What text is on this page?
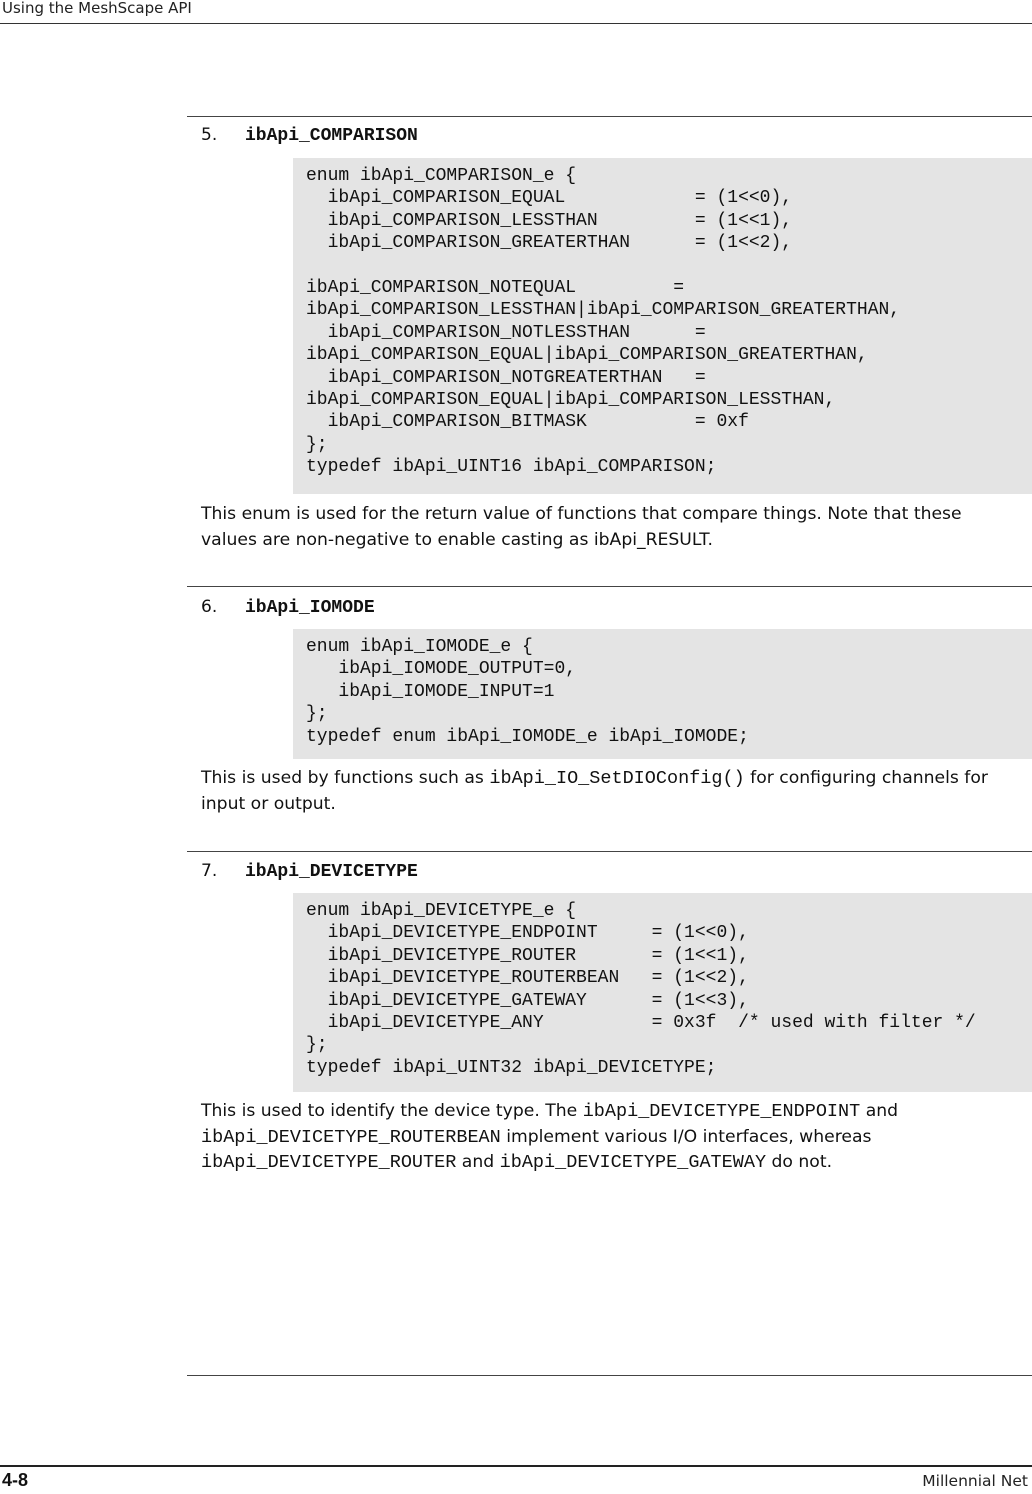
Using the MeshScape API
5. ibApi_COMPARISON
enum ibApi_COMPARISON_e {
ibApi_COMPARISON_EQUAL            = (1<<0),
ibApi_COMPARISON_LESSTHAN         = (1<<1),
ibApi_COMPARISON_GREATERTHAN      = (1<<2),

ibApi_COMPARISON_NOTEQUAL         =
ibApi_COMPARISON_LESSTHAN|ibApi_COMPARISON_GREATERTHAN,
ibApi_COMPARISON_NOTLESSTHAN      =
ibApi_COMPARISON_EQUAL|ibApi_COMPARISON_GREATERTHAN,
ibApi_COMPARISON_NOTGREATERTHAN   =
ibApi_COMPARISON_EQUAL|ibApi_COMPARISON_LESSTHAN,
ibApi_COMPARISON_BITMASK          = 0xf
};
typedef ibApi_UINT16 ibApi_COMPARISON;

This enum is used for the return value of functions that compare things. Note that these values are non-negative to enable casting as ibApi_RESULT.

6. ibApi_IOMODE
enum ibApi_IOMODE_e {
ibApi_IOMODE_OUTPUT=0,
ibApi_IOMODE_INPUT=1
};
typedef enum ibApi_IOMODE_e ibApi_IOMODE;

This is used by functions such as ibApi_IO_SetDIOConfig() for configuring channels for input or output.

7. ibApi_DEVICETYPE
enum ibApi_DEVICETYPE_e {
ibApi_DEVICETYPE_ENDPOINT     = (1<<0),
ibApi_DEVICETYPE_ROUTER       = (1<<1),
ibApi_DEVICETYPE_ROUTERBEAN   = (1<<2),
ibApi_DEVICETYPE_GATEWAY      = (1<<3),
ibApi_DEVICETYPE_ANY          = 0x3f  /* used with filter */
};
typedef ibApi_UINT32 ibApi_DEVICETYPE;

This is used to identify the device type. The ibApi_DEVICETYPE_ENDPOINT and ibApi_DEVICETYPE_ROUTERBEAN implement various I/O interfaces, whereas ibApi_DEVICETYPE_ROUTER and ibApi_DEVICETYPE_GATEWAY do not.

4-8	Millennial Net
